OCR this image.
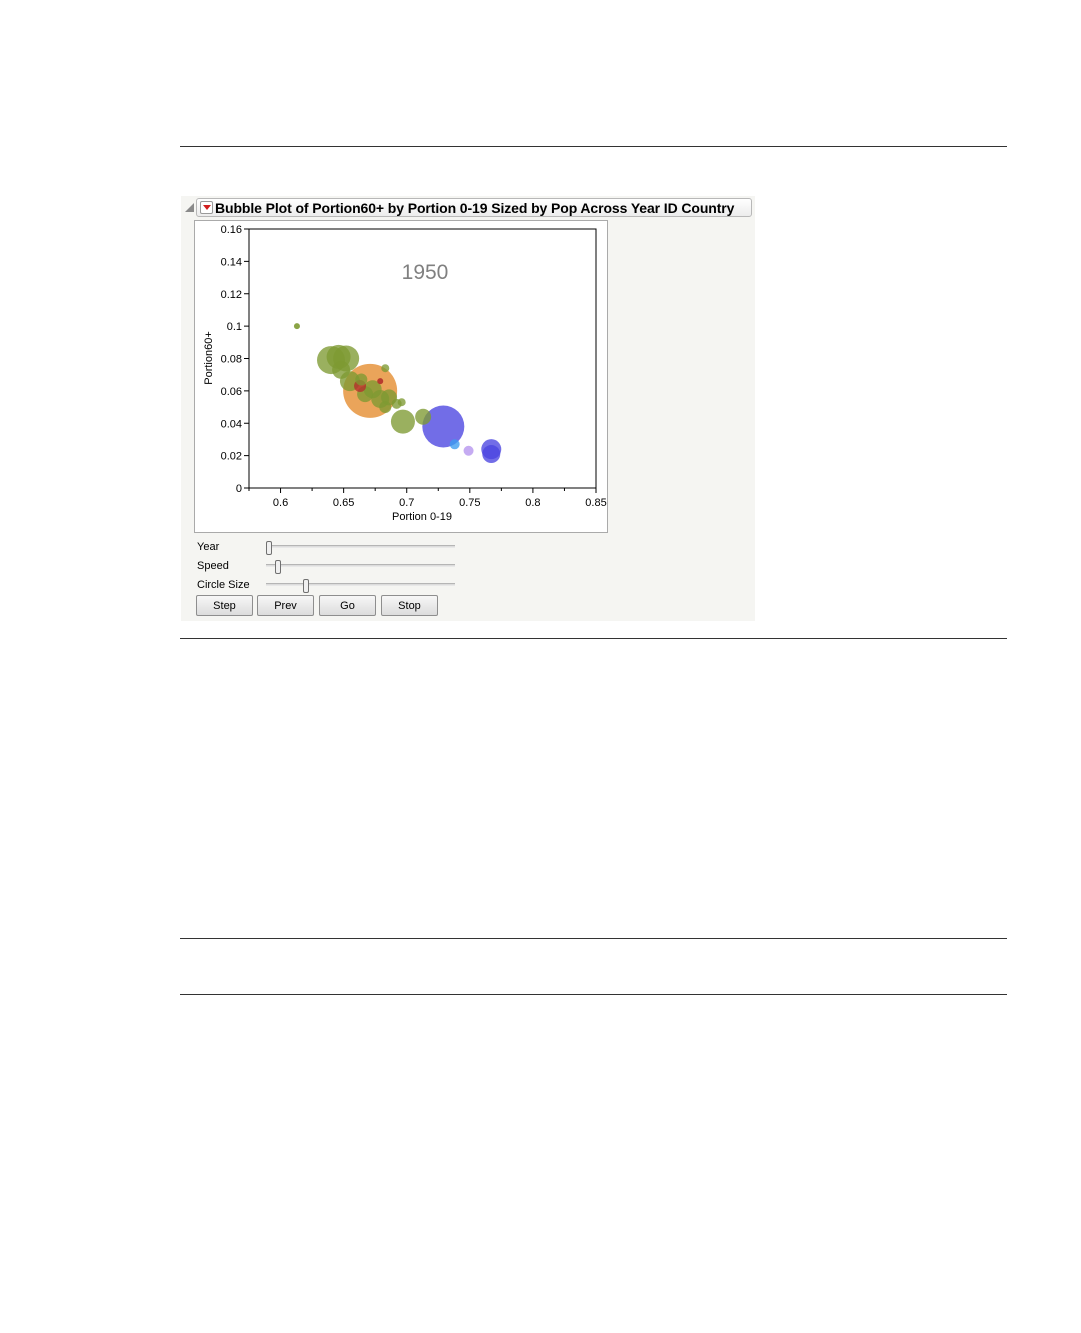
Bubble Plot of Portion60+ by Portion 0-19 Sized by Pop Across Year ID Country
0
0.02
0.04
0.06
0.08
0.1
0.12
0.14
0.16
0.6	0.65	0.7	0.75	0.8	0.85
1950
Portion 0-19
Portion60+
Year
Speed
Circle Size
Step	Prev	Go	Stop
